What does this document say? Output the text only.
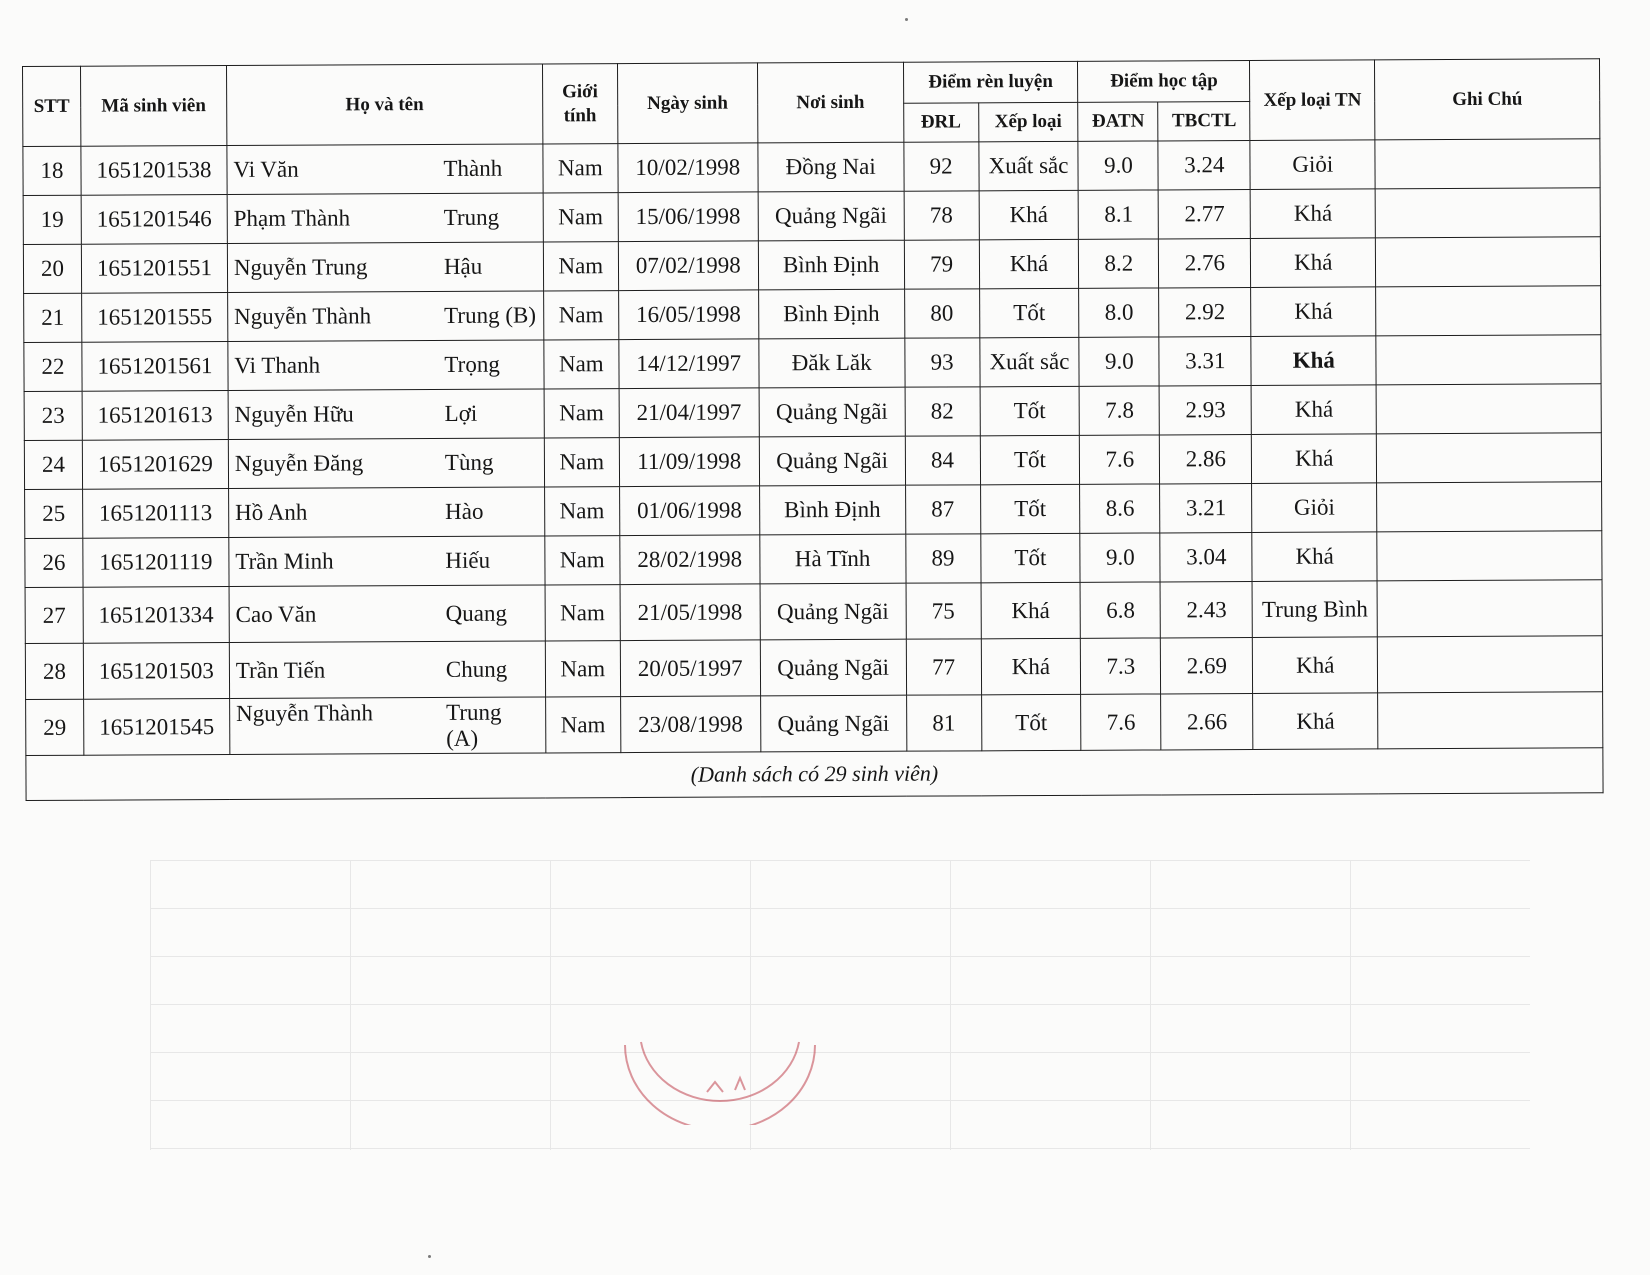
STT	Mã sinh viên	Họ và tên	Giới tính	Ngày sinh	Nơi sinh	Điểm rèn luyện		Điểm học tập		Xếp loại TN	Ghi Chú
						ĐRL	Xếp loại	ĐATN	TBCTL		
18	1651201538	Vi Văn Thành	Nam	10/02/1998	Đồng Nai	92	Xuất sắc	9.0	3.24	Giỏi	
19	1651201546	Phạm Thành Trung	Nam	15/06/1998	Quảng Ngãi	78	Khá	8.1	2.77	Khá	
20	1651201551	Nguyễn Trung Hậu	Nam	07/02/1998	Bình Định	79	Khá	8.2	2.76	Khá	
21	1651201555	Nguyễn Thành Trung (B)	Nam	16/05/1998	Bình Định	80	Tốt	8.0	2.92	Khá	
22	1651201561	Vi Thanh Trọng	Nam	14/12/1997	Đăk Lăk	93	Xuất sắc	9.0	3.31	Khá	
23	1651201613	Nguyễn Hữu Lợi	Nam	21/04/1997	Quảng Ngãi	82	Tốt	7.8	2.93	Khá	
24	1651201629	Nguyễn Đăng Tùng	Nam	11/09/1998	Quảng Ngãi	84	Tốt	7.6	2.86	Khá	
25	1651201113	Hồ Anh Hào	Nam	01/06/1998	Bình Định	87	Tốt	8.6	3.21	Giỏi	
26	1651201119	Trần Minh Hiếu	Nam	28/02/1998	Hà Tĩnh	89	Tốt	9.0	3.04	Khá	
27	1651201334	Cao Văn Quang	Nam	21/05/1998	Quảng Ngãi	75	Khá	6.8	2.43	Trung Bình	
28	1651201503	Trần Tiến Chung	Nam	20/05/1997	Quảng Ngãi	77	Khá	7.3	2.69	Khá	
29	1651201545	Nguyễn Thành Trung (A)	Nam	23/08/1998	Quảng Ngãi	81	Tốt	7.6	2.66	Khá	
(Danh sách có 29 sinh viên)											
